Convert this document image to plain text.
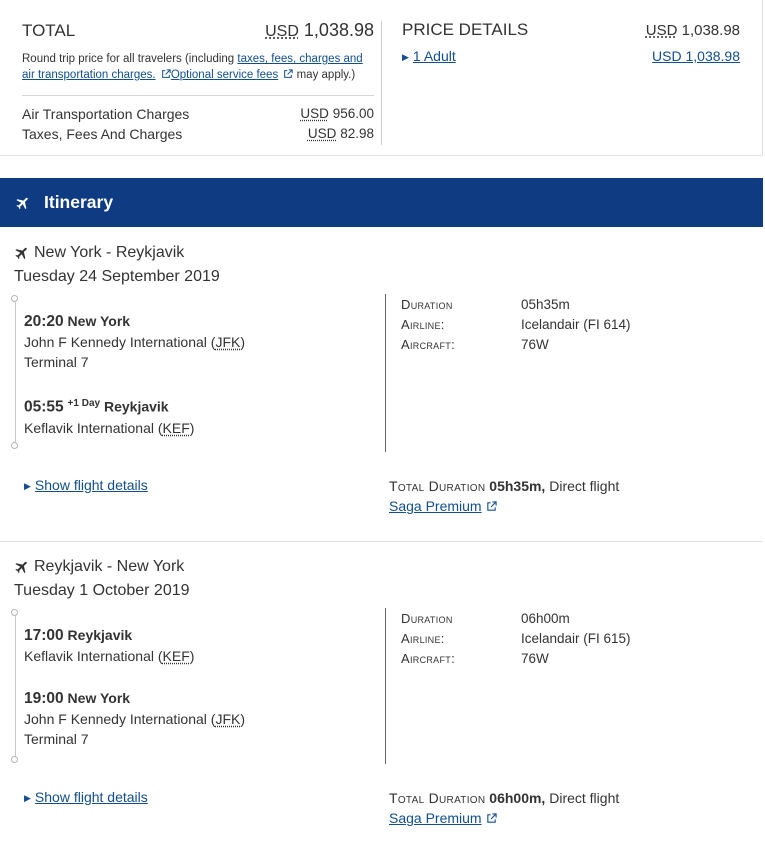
TOTAL	USD 1,038.98
Round trip price for all travelers (including taxes, fees, charges and air transportation charges. Optional service fees  may apply.)
Air Transportation Charges	USD 956.00
Taxes, Fees And Charges	USD 82.98
PRICE DETAILS	USD 1,038.98
▶ 1 Adult	USD 1,038.98
Itinerary
New York - Reykjavik
Tuesday 24 September 2019
20:20 New York
John F Kennedy International (JFK)
Terminal 7
05:55 $^{+1 Day}$ Reykjavik
Keflavik International (KEF)
Duration	05h35m
Airline:	Icelandair (FI 614)
Aircraft:	76W
▶ Show flight details	Total Duration 05h35m, Direct flight
Saga Premium
Reykjavik - New York
Tuesday 1 October 2019
17:00 Reykjavik
Keflavik International (KEF)
19:00 New York
John F Kennedy International (JFK)
Terminal 7
Duration	06h00m
Airline:	Icelandair (FI 615)
Aircraft:	76W
▶ Show flight details	Total Duration 06h00m, Direct flight
Saga Premium
